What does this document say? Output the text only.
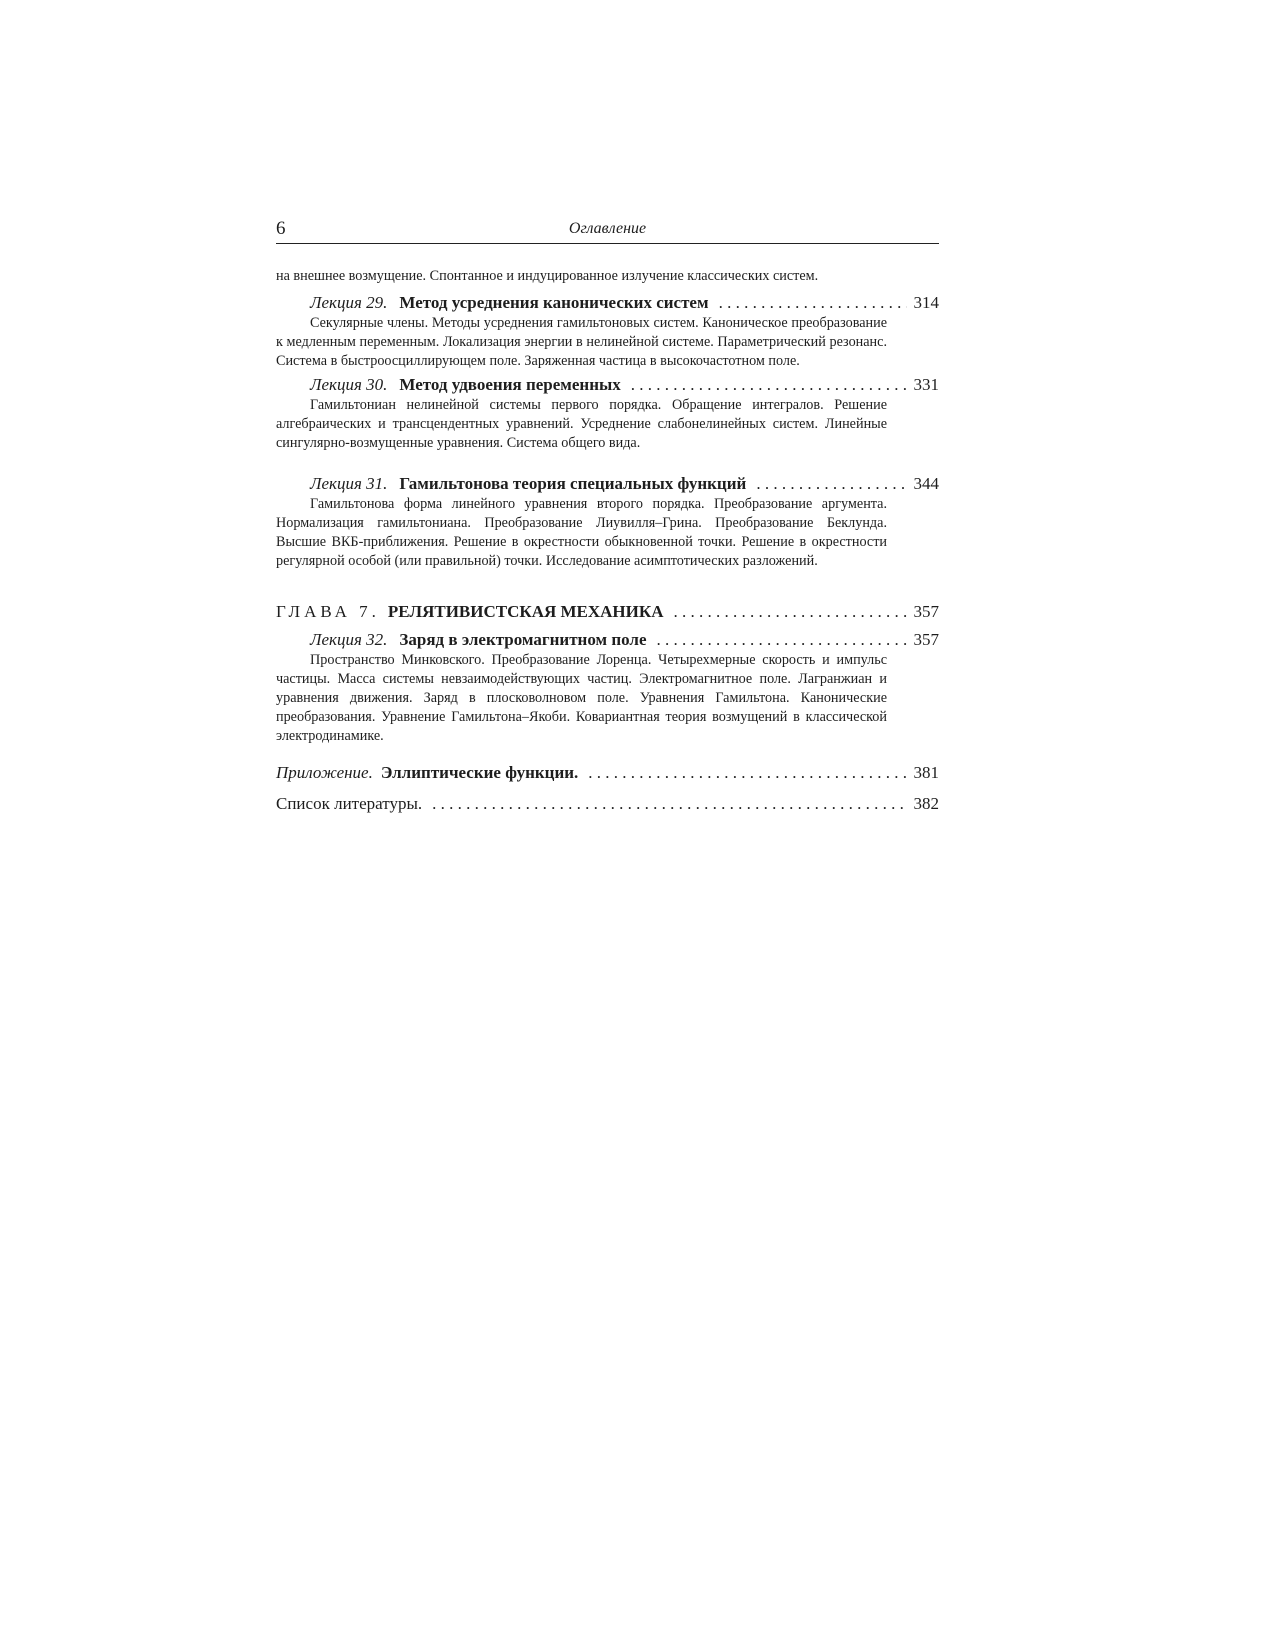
6	Оглавление

на внешнее возмущение. Спонтанное и индуцированное излучение классических систем.

Лекция 29. Метод усреднения канонических систем . . .	314

Секулярные члены. Методы усреднения гамильтоновых систем. Каноническое преобразование к медленным переменным. Локализация энергии в нелинейной системе. Параметрический резонанс. Система в быстроосциллирующем поле. Заряженная частица в высокочастотном поле.

Лекция 30. Метод удвоения переменных . . .	331

Гамильтониан нелинейной системы первого порядка. Обращение интегралов. Решение алгебраических и трансцендентных уравнений. Усреднение слабонелинейных систем. Линейные сингулярно-возмущенные уравнения. Система общего вида.

Лекция 31. Гамильтонова теория специальных функций . . .	344

Гамильтонова форма линейного уравнения второго порядка. Преобразование аргумента. Нормализация гамильтониана. Преобразование Лиувилля–Грина. Преобразование Беклунда. Высшие ВКБ-приближения. Решение в окрестности обыкновенной точки. Решение в окрестности регулярной особой (или правильной) точки. Исследование асимптотических разложений.

ГЛАВА 7. РЕЛЯТИВИСТСКАЯ МЕХАНИКА . . .	357
Лекция 32. Заряд в электромагнитном поле . . .	357

Пространство Минковского. Преобразование Лоренца. Четырехмерные скорость и импульс частицы. Масса системы невзаимодействующих частиц. Электромагнитное поле. Лагранжиан и уравнения движения. Заряд в плосковолновом поле. Уравнения Гамильтона. Канонические преобразования. Уравнение Гамильтона–Якоби. Ковариантная теория возмущений в классической электродинамике.

Приложение. Эллиптические функции. . . .	381
Список литературы. . . .	382
